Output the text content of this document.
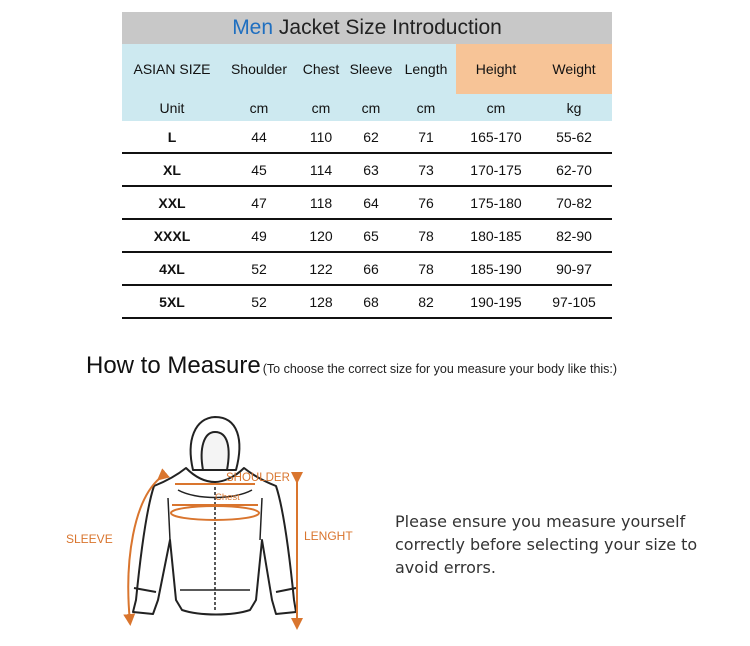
Men Jacket Size Introduction						
ASIAN SIZE	Shoulder	Chest	Sleeve	Length	Height	Weight
Unit	cm	cm	cm	cm	cm	kg
L	44	110	62	71	165-170	55-62
XL	45	114	63	73	170-175	62-70
XXL	47	118	64	76	175-180	70-82
XXXL	49	120	65	78	180-185	82-90
4XL	52	122	66	78	185-190	90-97
5XL	52	128	68	82	190-195	97-105
How to Measure (To choose the correct size for you measure your body like this:)
SHOULDER
Chest
SLEEVE	LENGHT
Please ensure you measure yourself
correctly before selecting your size to
avoid errors.
